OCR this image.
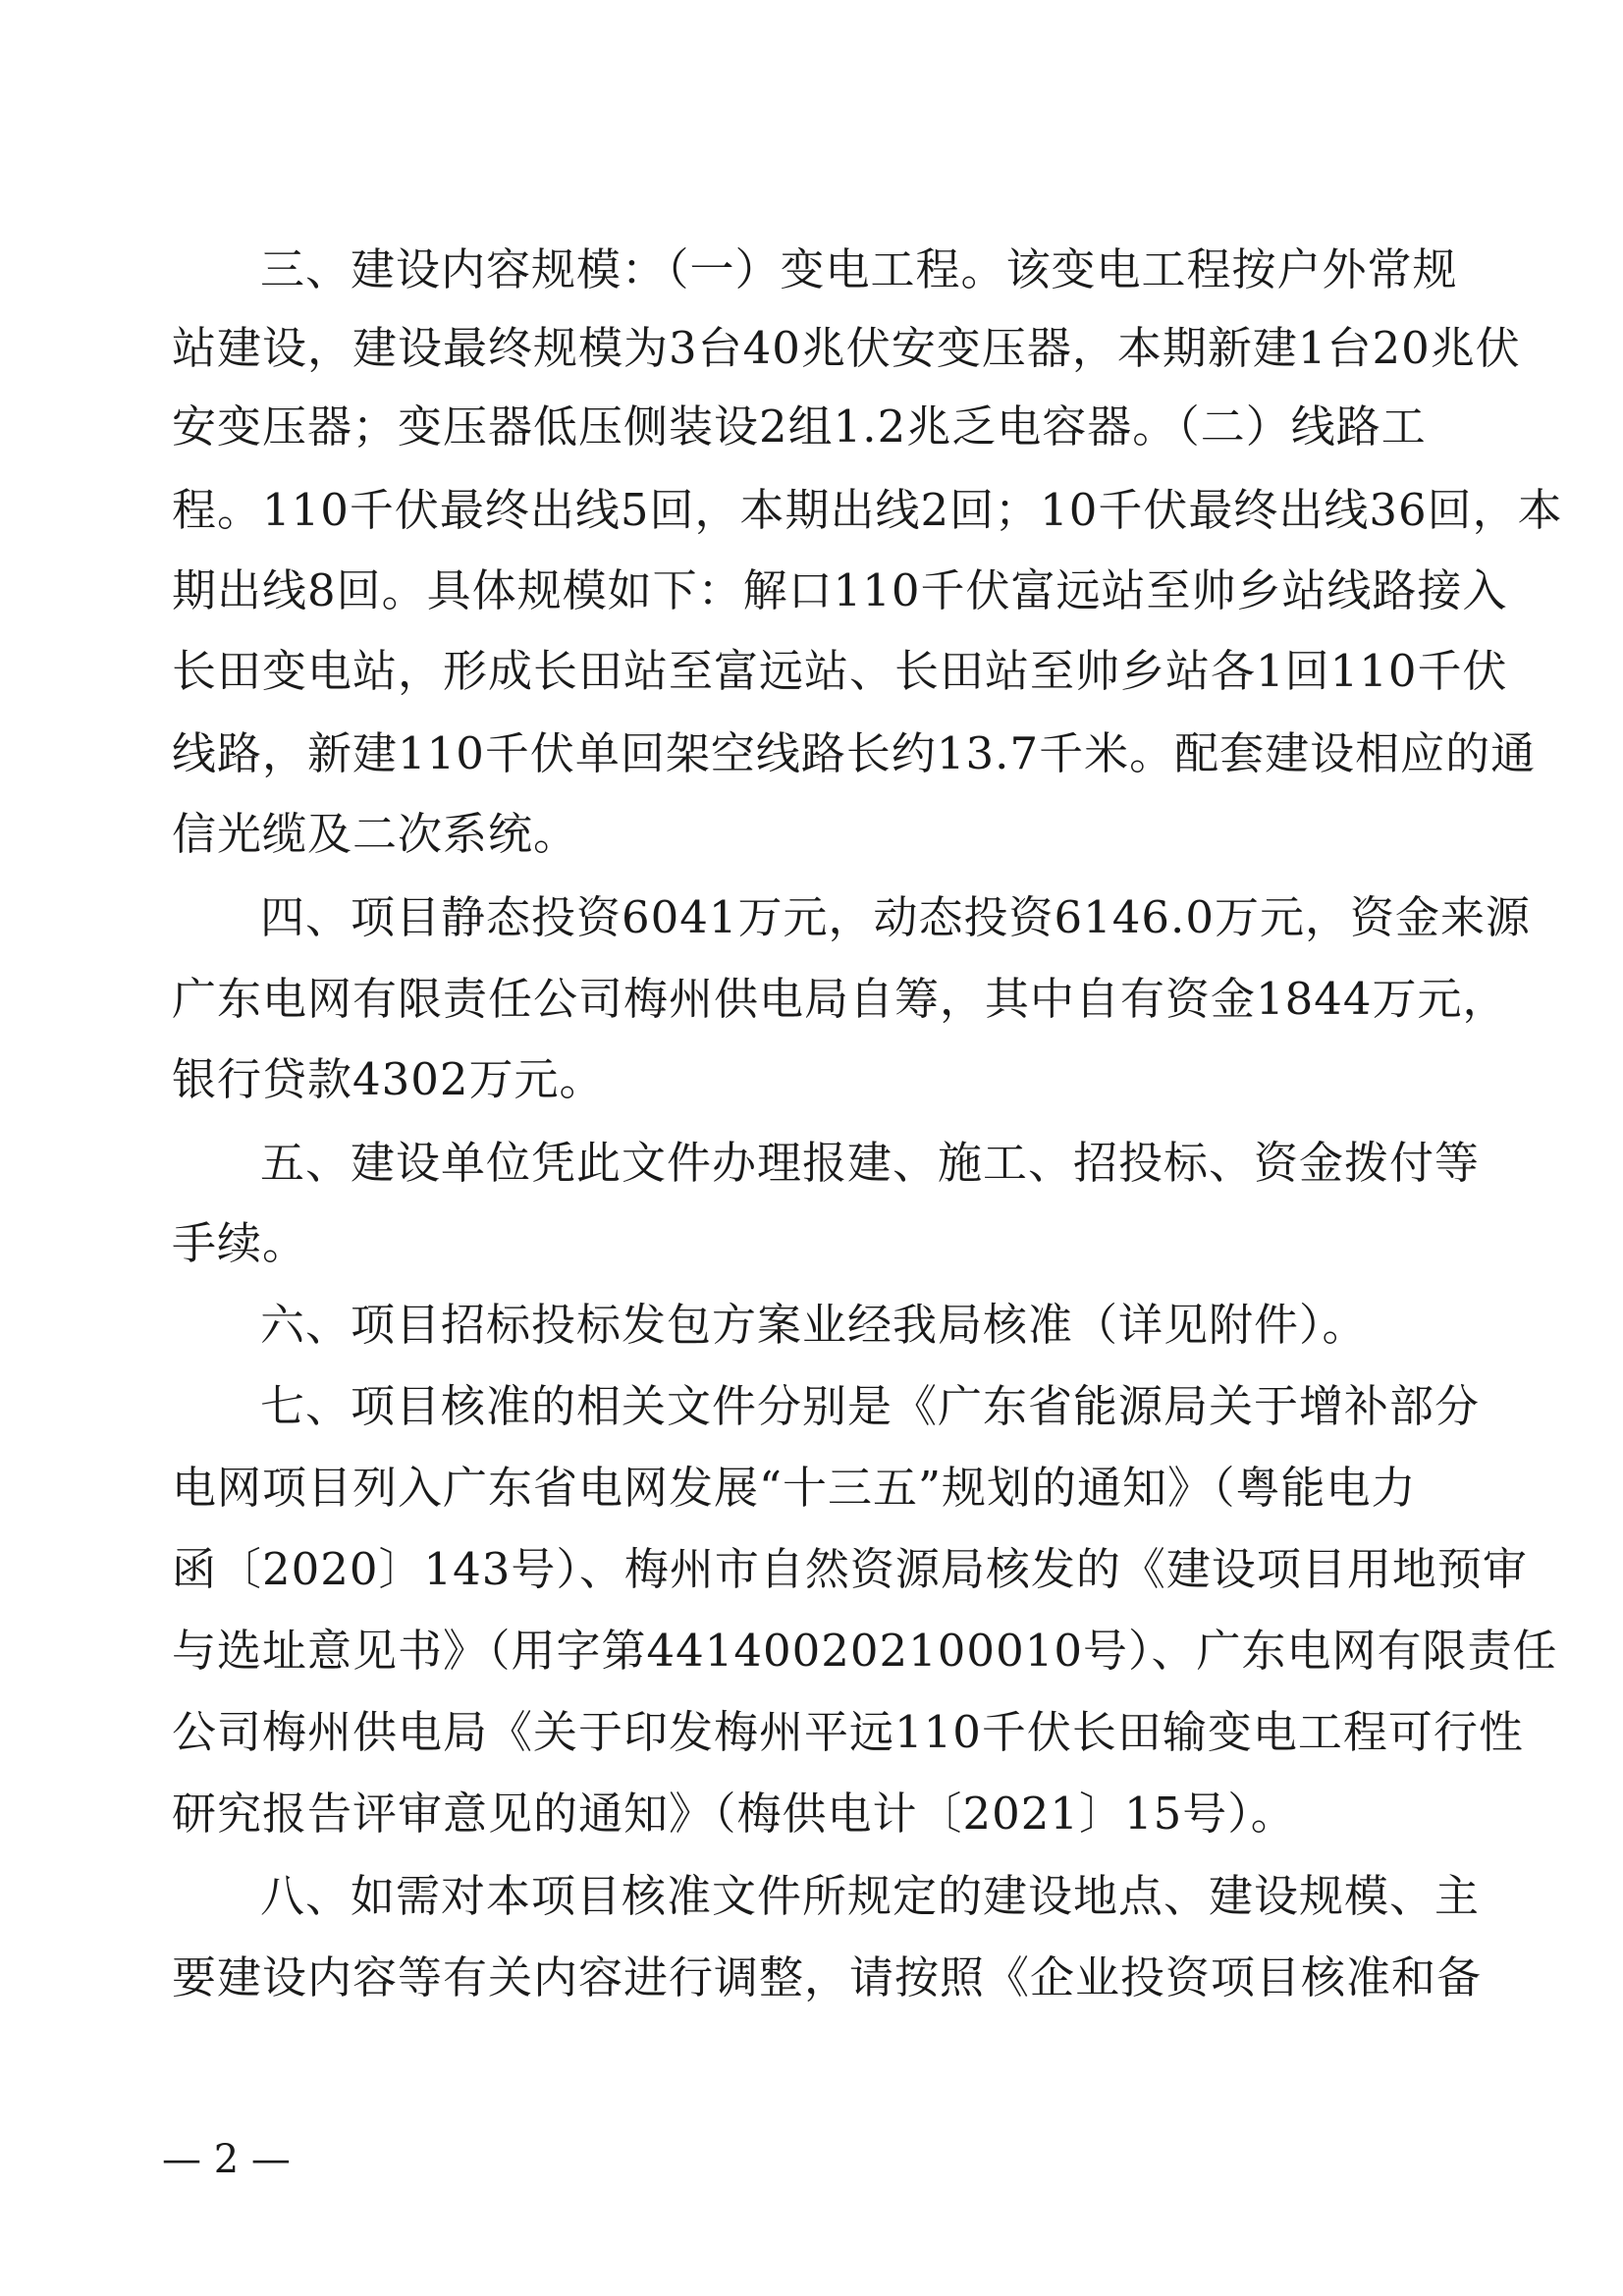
三、建设内容规模：（一）变电工程。该变电工程按户外常规
站建设，建设最终规模为3台40兆伏安变压器，本期新建1台20兆伏
安变压器；变压器低压侧装设2组1.2兆乏电容器。（二）线路工
程。110千伏最终出线5回，本期出线2回；10千伏最终出线36回，本
期出线8回。具体规模如下：解口110千伏富远站至帅乡站线路接入
长田变电站，形成长田站至富远站、长田站至帅乡站各1回110千伏
线路，新建110千伏单回架空线路长约13.7千米。配套建设相应的通
信光缆及二次系统。
四、项目静态投资6041万元，动态投资6146.0万元，资金来源
广东电网有限责任公司梅州供电局自筹，其中自有资金1844万元，
银行贷款4302万元。
五、建设单位凭此文件办理报建、施工、招投标、资金拨付等
手续。
六、项目招标投标发包方案业经我局核准（详见附件）。
七、项目核准的相关文件分别是《广东省能源局关于增补部分
电网项目列入广东省电网发展“十三五”规划的通知》（粤能电力
函〔2020〕143号）、梅州市自然资源局核发的《建设项目用地预审
与选址意见书》（用字第441400202100010号）、广东电网有限责任
公司梅州供电局《关于印发梅州平远110千伏长田输变电工程可行性
研究报告评审意见的通知》（梅供电计〔2021〕15号）。
八、如需对本项目核准文件所规定的建设地点、建设规模、主
要建设内容等有关内容进行调整，请按照《企业投资项目核准和备
— 2 —
